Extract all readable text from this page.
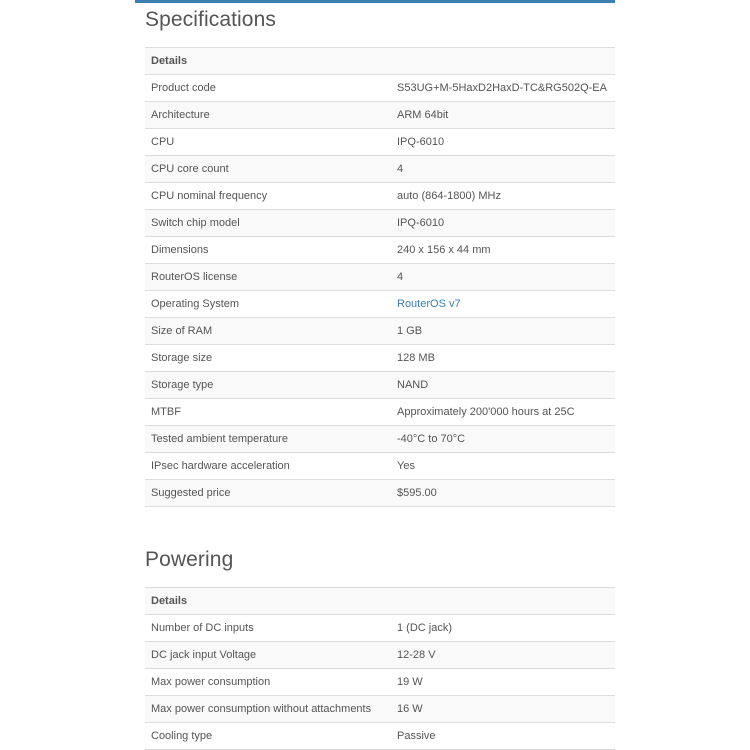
Specifications
Details	
Product code	S53UG+M-5HaxD2HaxD-TC&RG502Q-EA
Architecture	ARM 64bit
CPU	IPQ-6010
CPU core count	4
CPU nominal frequency	auto (864-1800) MHz
Switch chip model	IPQ-6010
Dimensions	240 x 156 x 44 mm
RouterOS license	4
Operating System	RouterOS v7
Size of RAM	1 GB
Storage size	128 MB
Storage type	NAND
MTBF	Approximately 200'000 hours at 25C
Tested ambient temperature	-40°C to 70°C
IPsec hardware acceleration	Yes
Suggested price	$595.00
Powering
Details	
Number of DC inputs	1 (DC jack)
DC jack input Voltage	12-28 V
Max power consumption	19 W
Max power consumption without attachments	16 W
Cooling type	Passive
